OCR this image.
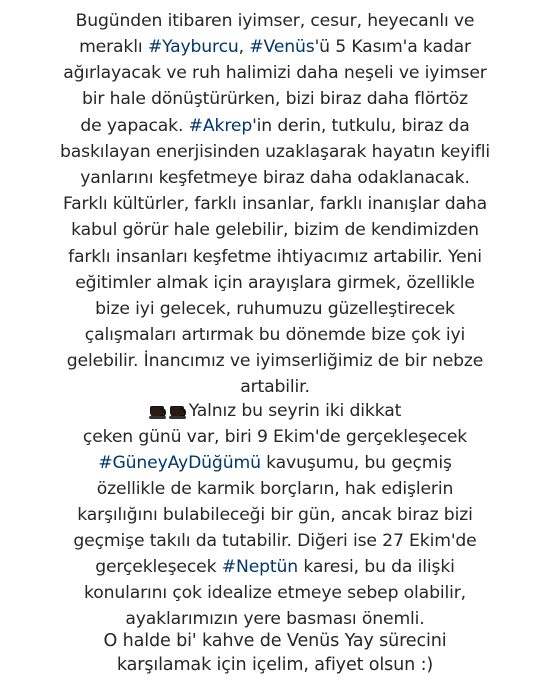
Bugünden itibaren iyimser, cesur, heyecanlı ve
meraklı #Yayburcu, #Venüs'ü 5 Kasım'a kadar
ağırlayacak ve ruh halimizi daha neşeli ve iyimser
bir hale dönüştürürken, bizi biraz daha flörtöz
de yapacak. #Akrep'in derin, tutkulu, biraz da
baskılayan enerjisinden uzaklaşarak hayatın keyifli
yanlarını keşfetmeye biraz daha odaklanacak.
Farklı kültürler, farklı insanlar, farklı inanışlar daha
kabul görür hale gelebilir, bizim de kendimizden
farklı insanları keşfetme ihtiyacımız artabilir. Yeni
eğitimler almak için arayışlara girmek, özellikle
bize iyi gelecek, ruhumuzu güzelleştirecek
çalışmaları artırmak bu dönemde bize çok iyi
gelebilir. İnancımız ve iyimserliğimiz de bir nebze
artabilir.
Yalnız bu seyrin iki dikkat
çeken günü var, biri 9 Ekim'de gerçekleşecek
#GüneyAyDüğümü kavuşumu, bu geçmiş
özellikle de karmik borçların, hak edişlerin
karşılığını bulabileceği bir gün, ancak biraz bizi
geçmişe takılı da tutabilir. Diğeri ise 27 Ekim'de
gerçekleşecek #Neptün karesi, bu da ilişki
konularını çok idealize etmeye sebep olabilir,
ayaklarımızın yere basması önemli.
O halde bi' kahve de Venüs Yay sürecini
karşılamak için içelim, afiyet olsun :)
